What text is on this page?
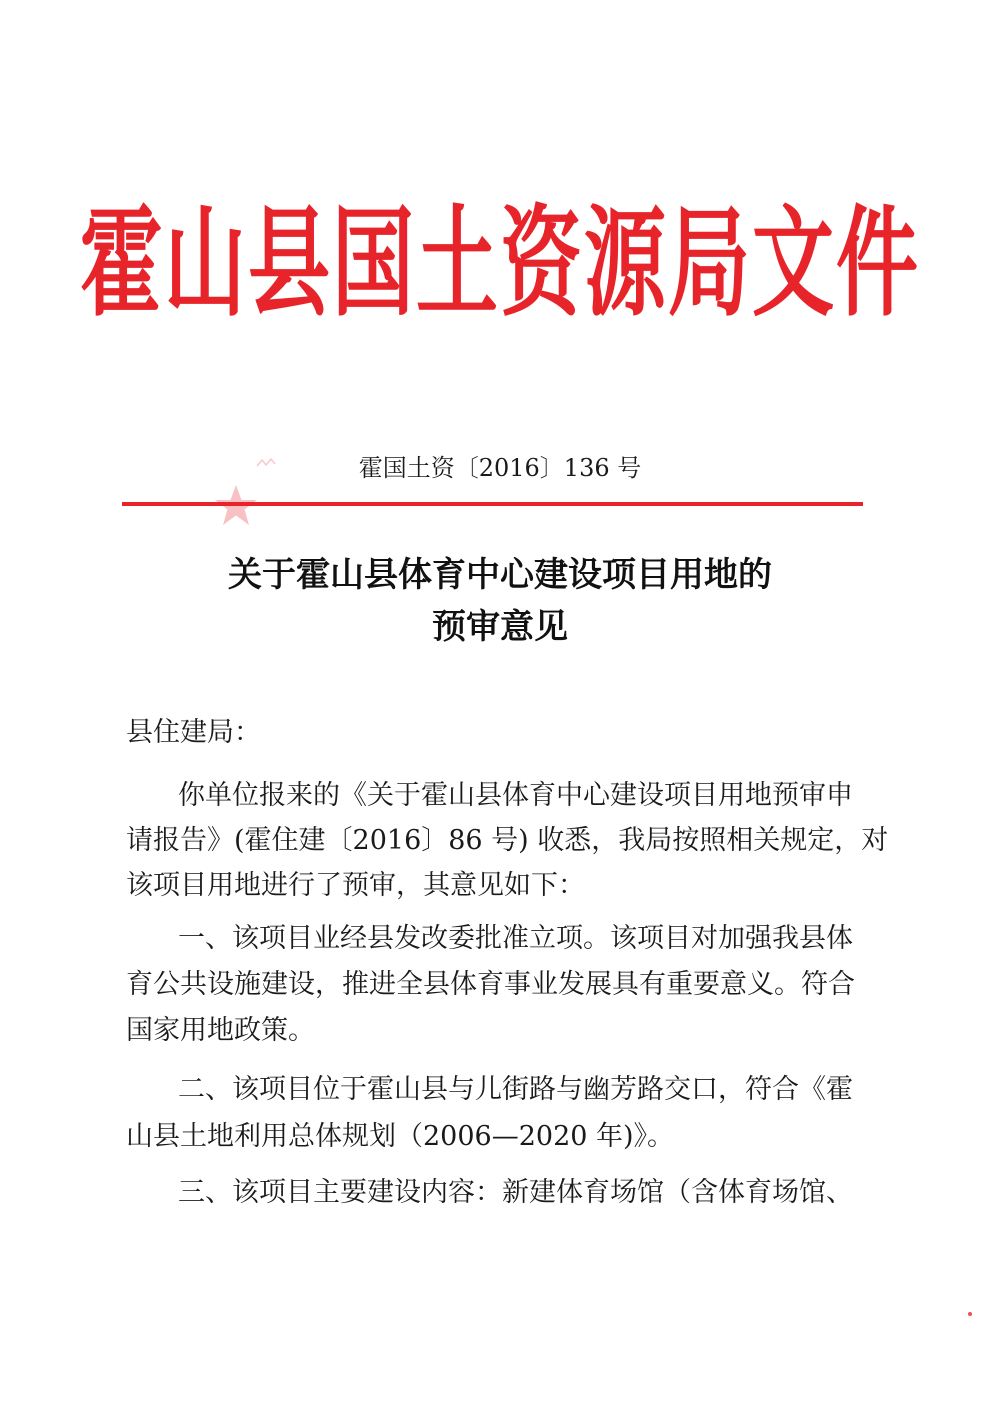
霍山县国土资源局文件
霍国土资〔2016〕136 号
关于霍山县体育中心建设项目用地的
预审意见
县住建局：
你单位报来的《关于霍山县体育中心建设项目用地预审申
请报告》(霍住建〔2016〕86 号) 收悉，我局按照相关规定，对
该项目用地进行了预审，其意见如下：
一、该项目业经县发改委批准立项。该项目对加强我县体
育公共设施建设，推进全县体育事业发展具有重要意义。符合
国家用地政策。
二、该项目位于霍山县与儿街路与幽芳路交口，符合《霍
山县土地利用总体规划（2006—2020 年)》。
三、该项目主要建设内容：新建体育场馆（含体育场馆、
